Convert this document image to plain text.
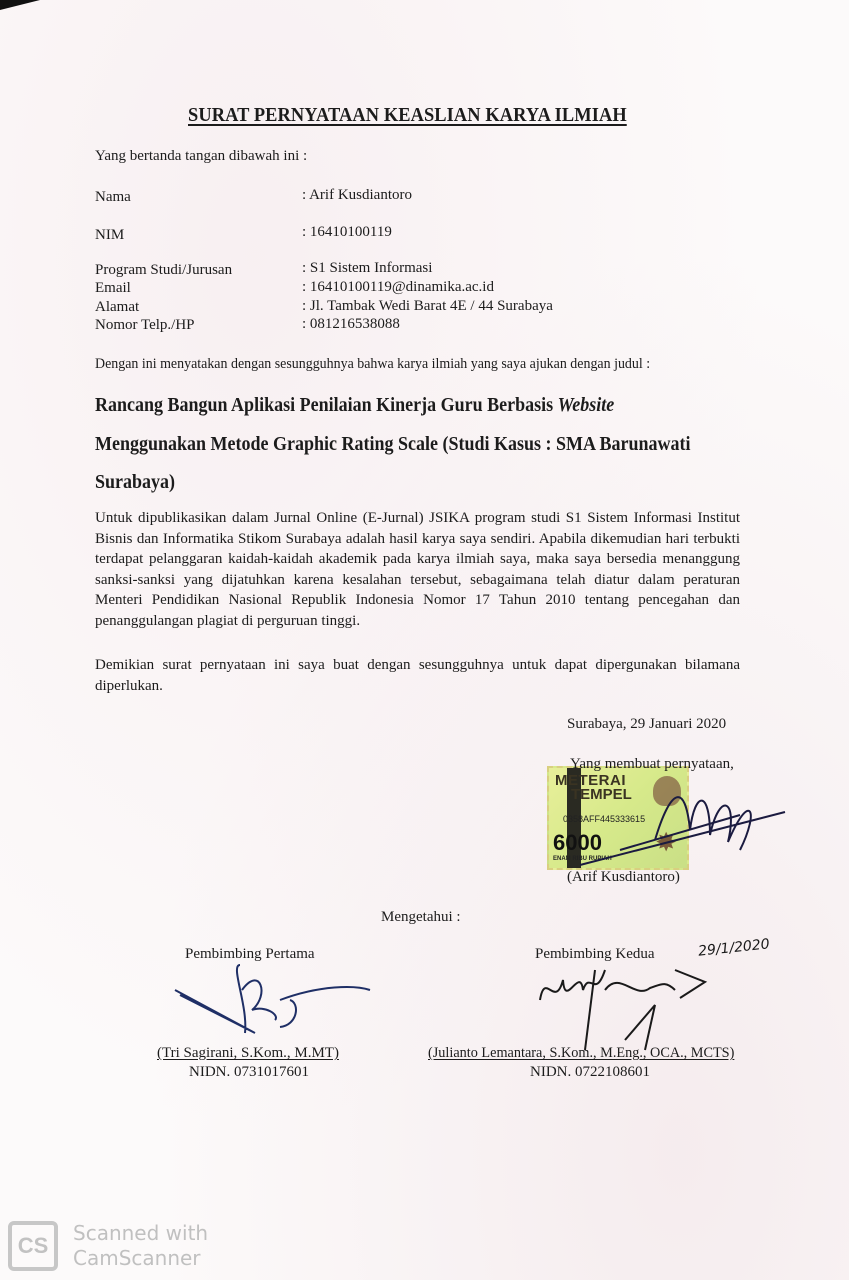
SURAT PERNYATAAN KEASLIAN KARYA ILMIAH
Yang bertanda tangan dibawah ini :
Nama	: Arif Kusdiantoro
NIM	: 16410100119
Program Studi/Jurusan	: S1 Sistem Informasi
Email	: 16410100119@dinamika.ac.id
Alamat	: Jl. Tambak Wedi Barat 4E / 44 Surabaya
Nomor Telp./HP	: 081216538088
Dengan ini menyatakan dengan sesungguhnya bahwa karya ilmiah yang saya ajukan dengan judul :
Rancang Bangun Aplikasi Penilaian Kinerja Guru Berbasis Website
Menggunakan Metode Graphic Rating Scale (Studi Kasus : SMA Barunawati
Surabaya)
Untuk dipublikasikan dalam Jurnal Online (E-Jurnal) JSIKA program studi S1 Sistem Informasi Institut Bisnis dan Informatika Stikom Surabaya adalah hasil karya saya sendiri. Apabila dikemudian hari terbukti terdapat pelanggaran kaidah-kaidah akademik pada karya ilmiah saya, maka saya bersedia menanggung sanksi-sanksi yang dijatuhkan karena kesalahan tersebut, sebagaimana telah diatur dalam peraturan Menteri Pendidikan Nasional Republik Indonesia Nomor 17 Tahun 2010 tentang pencegahan dan penanggulangan plagiat di perguruan tinggi.
Demikian surat pernyataan ini saya buat dengan sesungguhnya untuk dapat dipergunakan bilamana diperlukan.
Surabaya, 29 Januari 2020
METERAI
TEMPEL
0358AFF445333615
6000 ✸
ENAM RIBU RUPIAH
Yang membuat pernyataan,
(Arif Kusdiantoro)
Mengetahui :
Pembimbing Pertama	Pembimbing Kedua	29/1/2020
(Tri Sagirani, S.Kom., M.MT)
NIDN. 0731017601
(Julianto Lemantara, S.Kom., M.Eng., OCA., MCTS)
NIDN. 0722108601
CS	Scanned with
CamScanner
